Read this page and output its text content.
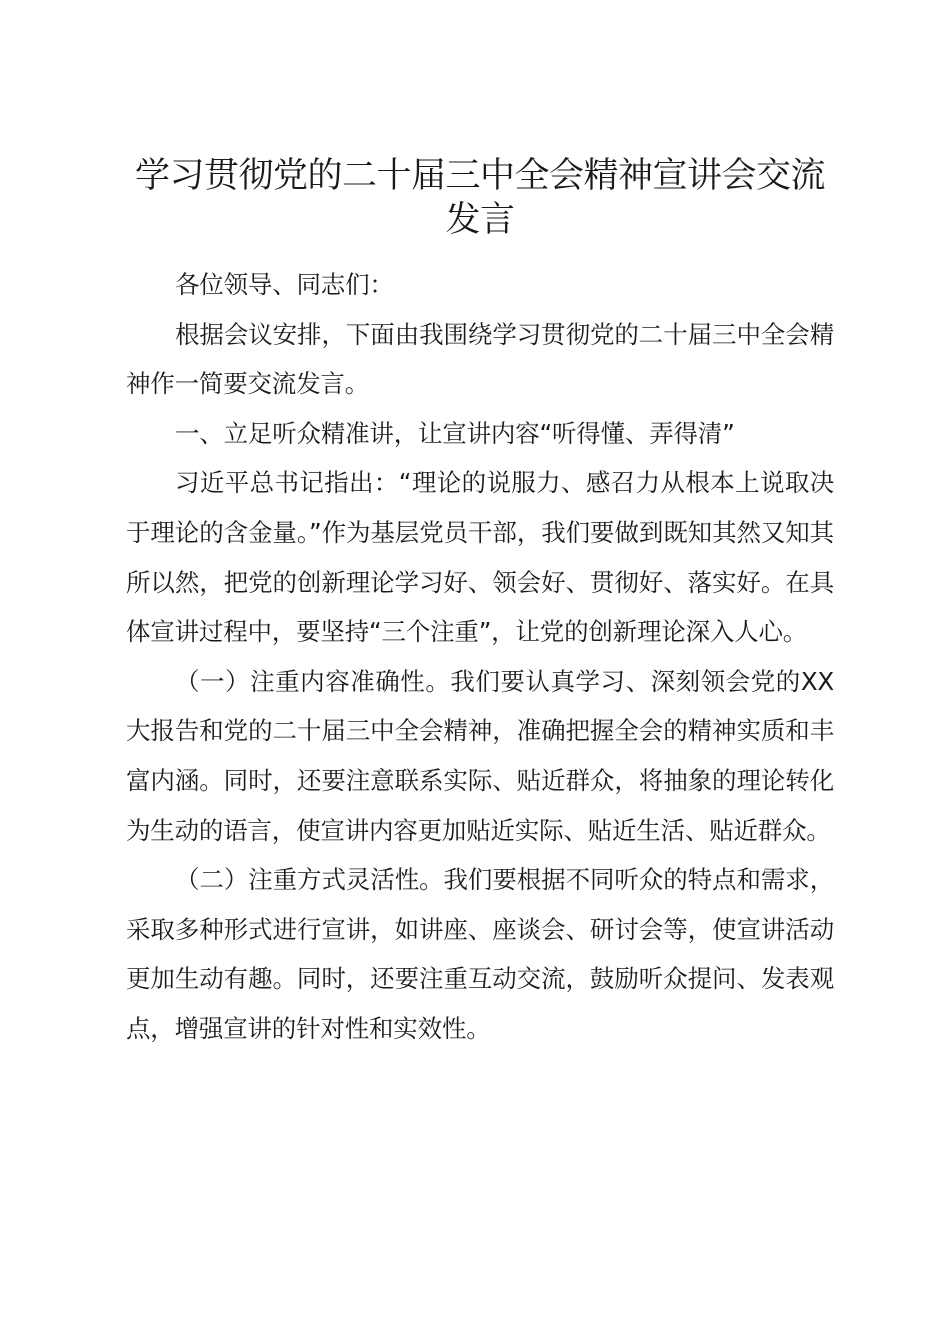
学习贯彻党的二十届三中全会精神宣讲会交流发言

各位领导、同志们：

根据会议安排，下面由我围绕学习贯彻党的二十届三中全会精神作一简要交流发言。

一、立足听众精准讲，让宣讲内容“听得懂、弄得清”

习近平总书记指出：“理论的说服力、感召力从根本上说取决于理论的含金量。”作为基层党员干部，我们要做到既知其然又知其所以然，把党的创新理论学习好、领会好、贯彻好、落实好。在具体宣讲过程中，要坚持“三个注重”，让党的创新理论深入人心。

（一）注重内容准确性。我们要认真学习、深刻领会党的XX大报告和党的二十届三中全会精神，准确把握全会的精神实质和丰富内涵。同时，还要注意联系实际、贴近群众，将抽象的理论转化为生动的语言，使宣讲内容更加贴近实际、贴近生活、贴近群众。

（二）注重方式灵活性。我们要根据不同听众的特点和需求，采取多种形式进行宣讲，如讲座、座谈会、研讨会等，使宣讲活动更加生动有趣。同时，还要注重互动交流，鼓励听众提问、发表观点，增强宣讲的针对性和实效性。
